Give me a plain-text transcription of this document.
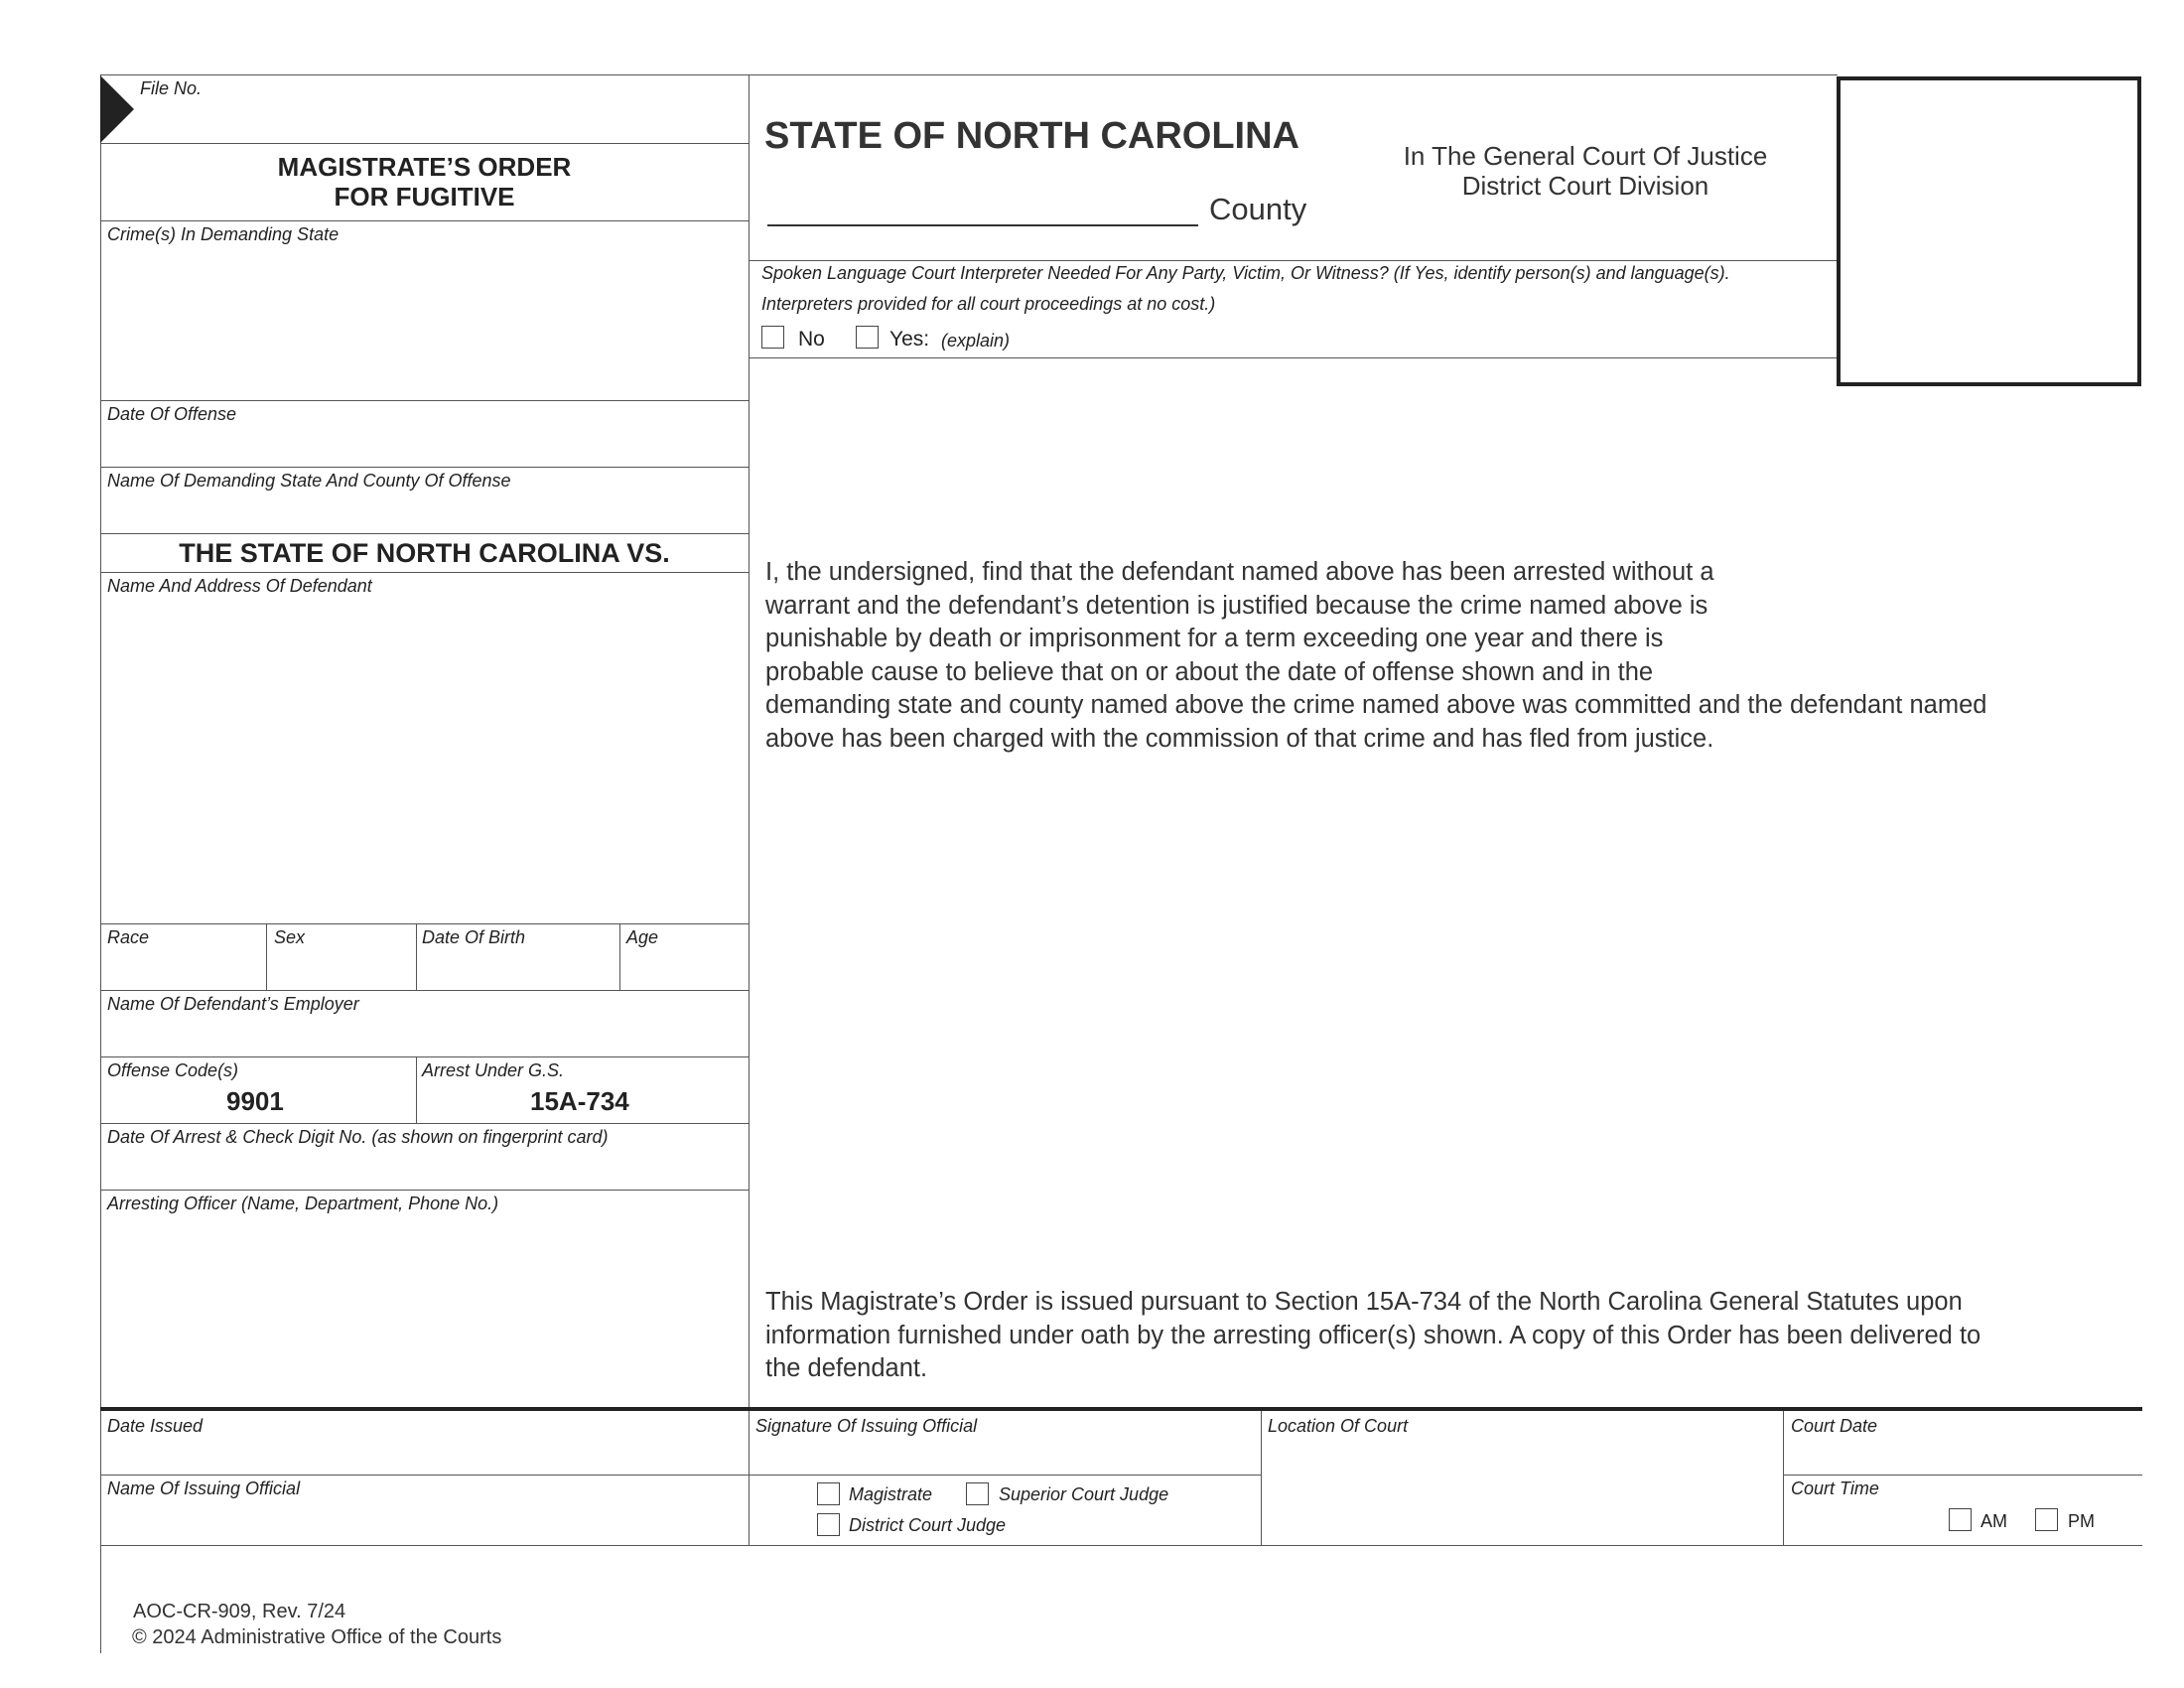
File No.
MAGISTRATE’S ORDER
FOR FUGITIVE
Crime(s) In Demanding State
Date Of Offense
Name Of Demanding State And County Of Offense
THE STATE OF NORTH CAROLINA VS.
Name And Address Of Defendant
Race	Sex	Date Of Birth	Age
Name Of Defendant’s Employer
Offense Code(s)
9901
Arrest Under G.S.
15A-734
Date Of Arrest & Check Digit No. (as shown on fingerprint card)
Arresting Officer (Name, Department, Phone No.)
STATE OF NORTH CAROLINA
County
In The General Court Of Justice
District Court Division
Spoken Language Court Interpreter Needed For Any Party, Victim, Or Witness? (If Yes, identify person(s) and language(s).
Interpreters provided for all court proceedings at no cost.)
No	Yes: (explain)
I, the undersigned, find that the defendant named above has been arrested without a
warrant and the defendant’s detention is justified because the crime named above is
punishable by death or imprisonment for a term exceeding one year and there is
probable cause to believe that on or about the date of offense shown and in the
demanding state and county named above the crime named above was committed and the defendant named
above has been charged with the commission of that crime and has fled from justice.
This Magistrate’s Order is issued pursuant to Section 15A-734 of the North Carolina General Statutes upon
information furnished under oath by the arresting officer(s) shown. A copy of this Order has been delivered to
the defendant.
Date Issued	Signature Of Issuing Official	Location Of Court	Court Date
Name Of Issuing Official	Magistrate	Superior Court Judge
District Court Judge
Court Time
AM	PM
AOC-CR-909, Rev. 7/24
© 2024 Administrative Office of the Courts
